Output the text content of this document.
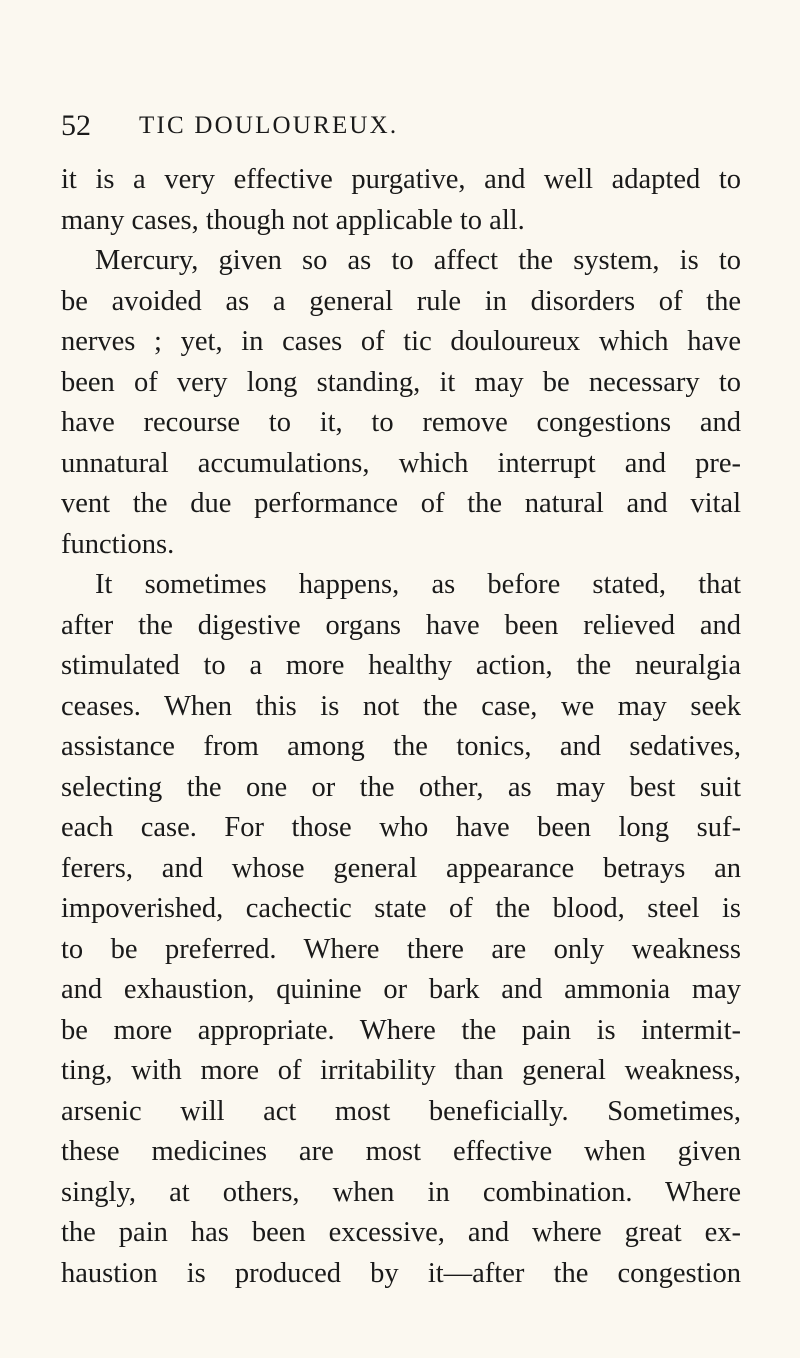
52 TIC DOULOUREUX.
it is a very effective purgative, and well adapted to
many cases, though not applicable to all.
Mercury, given so as to affect the system, is to
be avoided as a general rule in disorders of the
nerves ; yet, in cases of tic douloureux which have
been of very long standing, it may be necessary to
have recourse to it, to remove congestions and
unnatural accumulations, which interrupt and pre-
vent the due performance of the natural and vital
functions.
It sometimes happens, as before stated, that
after the digestive organs have been relieved and
stimulated to a more healthy action, the neuralgia
ceases. When this is not the case, we may seek
assistance from among the tonics, and sedatives,
selecting the one or the other, as may best suit
each case. For those who have been long suf-
ferers, and whose general appearance betrays an
impoverished, cachectic state of the blood, steel is
to be preferred. Where there are only weakness
and exhaustion, quinine or bark and ammonia may
be more appropriate. Where the pain is intermit-
ting, with more of irritability than general weakness,
arsenic will act most beneficially. Sometimes,
these medicines are most effective when given
singly, at others, when in combination. Where
the pain has been excessive, and where great ex-
haustion is produced by it—after the congestion
